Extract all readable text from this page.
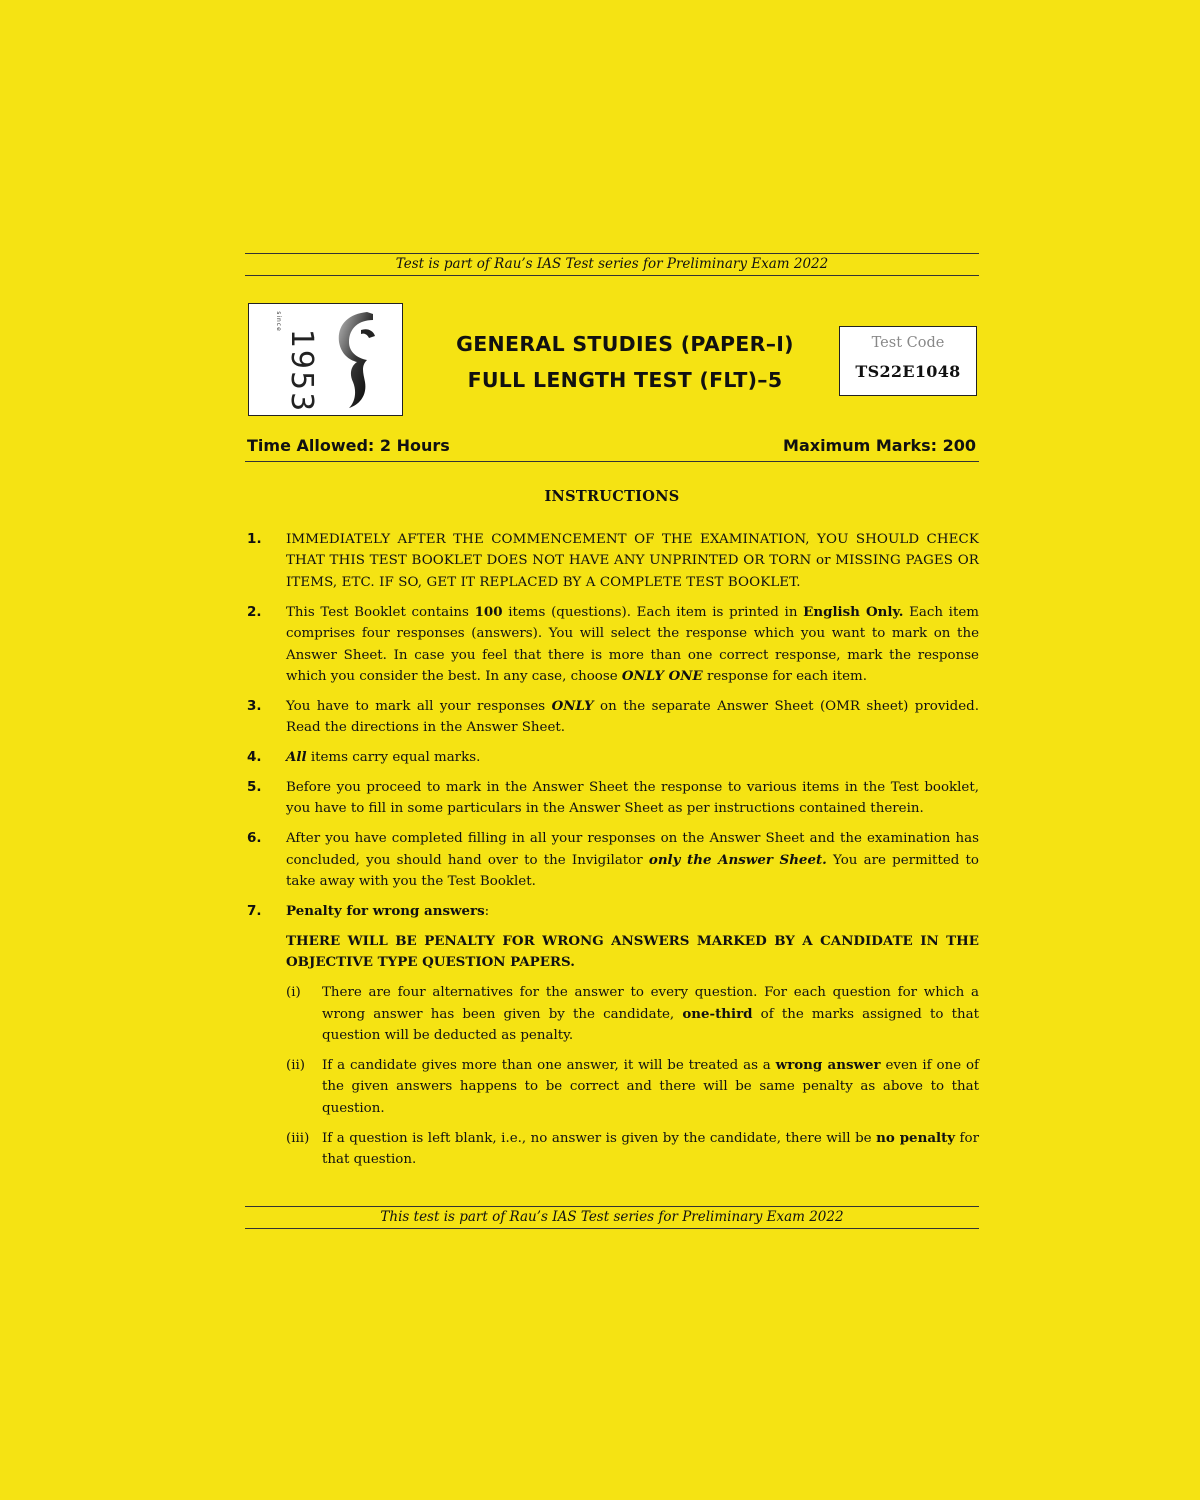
Test is part of Rau’s IAS Test series for Preliminary Exam 2022
since
1953	GENERAL STUDIES (PAPER–I)
FULL LENGTH TEST (FLT)–5
Test Code
TS22E1048
Time Allowed: 2 Hours	Maximum Marks: 200
INSTRUCTIONS
1. IMMEDIATELY AFTER THE COMMENCEMENT OF THE EXAMINATION, YOU SHOULD CHECK THAT THIS TEST BOOKLET DOES NOT HAVE ANY UNPRINTED OR TORN or MISSING PAGES OR ITEMS, ETC. IF SO, GET IT REPLACED BY A COMPLETE TEST BOOKLET.
2. This Test Booklet contains 100 items (questions). Each item is printed in English Only. Each item comprises four responses (answers). You will select the response which you want to mark on the Answer Sheet. In case you feel that there is more than one correct response, mark the response which you consider the best. In any case, choose ONLY ONE response for each item.
3. You have to mark all your responses ONLY on the separate Answer Sheet (OMR sheet) provided. Read the directions in the Answer Sheet.
4. All items carry equal marks.
5. Before you proceed to mark in the Answer Sheet the response to various items in the Test booklet, you have to fill in some particulars in the Answer Sheet as per instructions contained therein.
6. After you have completed filling in all your responses on the Answer Sheet and the examination has concluded, you should hand over to the Invigilator only the Answer Sheet. You are permitted to take away with you the Test Booklet.
7. Penalty for wrong answers:
THERE WILL BE PENALTY FOR WRONG ANSWERS MARKED BY A CANDIDATE IN THE OBJECTIVE TYPE QUESTION PAPERS.
(i) There are four alternatives for the answer to every question. For each question for which a wrong answer has been given by the candidate, one-third of the marks assigned to that question will be deducted as penalty.
(ii) If a candidate gives more than one answer, it will be treated as a wrong answer even if one of the given answers happens to be correct and there will be same penalty as above to that question.
(iii) If a question is left blank, i.e., no answer is given by the candidate, there will be no penalty for that question.
This test is part of Rau’s IAS Test series for Preliminary Exam 2022
